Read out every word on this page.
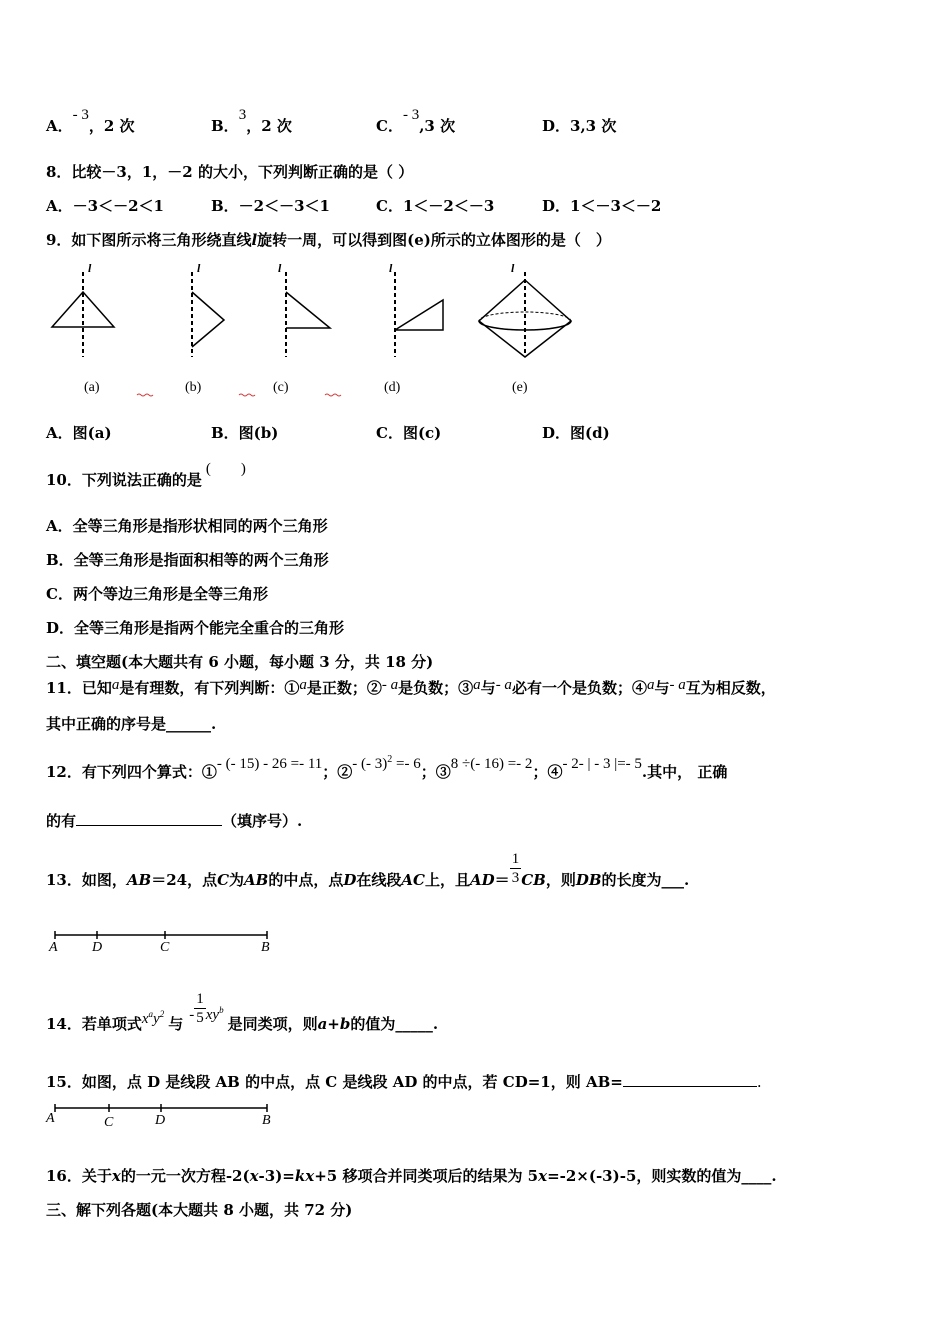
A．- 3，2 次	B．3，2 次	C．- 3,3 次	D．3,3 次
8．比较－3，1，－2 的大小，下列判断正确的是（ ）
A．－3＜－2＜1	B．－2＜－3＜1	C．1＜－2＜－3	D．1＜－3＜－2
9．如下图所示将三角形绕直线l旋转一周，可以得到图(e)所示的立体图形的是（　）
l	l	l	l	l
(a)	(b)	(c)	(d)	(e)
A．图(a)	B．图(b)	C．图(c)	D．图(d)
10．下列说法正确的是(　　)
A．全等三角形是指形状相同的两个三角形
B．全等三角形是指面积相等的两个三角形
C．两个等边三角形是全等三角形
D．全等三角形是指两个能完全重合的三角形
二、填空题(本大题共有 6 小题，每小题 3 分，共 18 分)
11．已知a是有理数，有下列判断：①a是正数；②- a是负数；③a与- a必有一个是负数；④a与- a互为相反数，
其中正确的序号是______.
12．有下列四个算式：①- (- 15) - 26 =- 11；②- (- 3)$^2$ =- 6；③8 ÷(- 16) =- 2；④- 2- | - 3 |=- 5.其中， 正确
的有	（填序号）.
13．如图，AB＝24，点C为AB的中点，点D在线段AC上，且$AD= \frac{1}{3}$ CB，则DB的长度为___.
A D	C	B
14．若单项式$x^ay^2$与 - $\frac{1}{5} xy^b$是同类项，则a+b的值为_____.
15．如图，点 D 是线段 AB 的中点，点 C 是线段 AD 的中点，若 CD=1，则 AB=	.
A	C	D	B
16．关于x的一元一次方程-2(x-3)=kx+5 移项合并同类项后的结果为 5x=-2×(-3)-5，则实数的值为____.
三、解下列各题(本大题共 8 小题，共 72 分)
